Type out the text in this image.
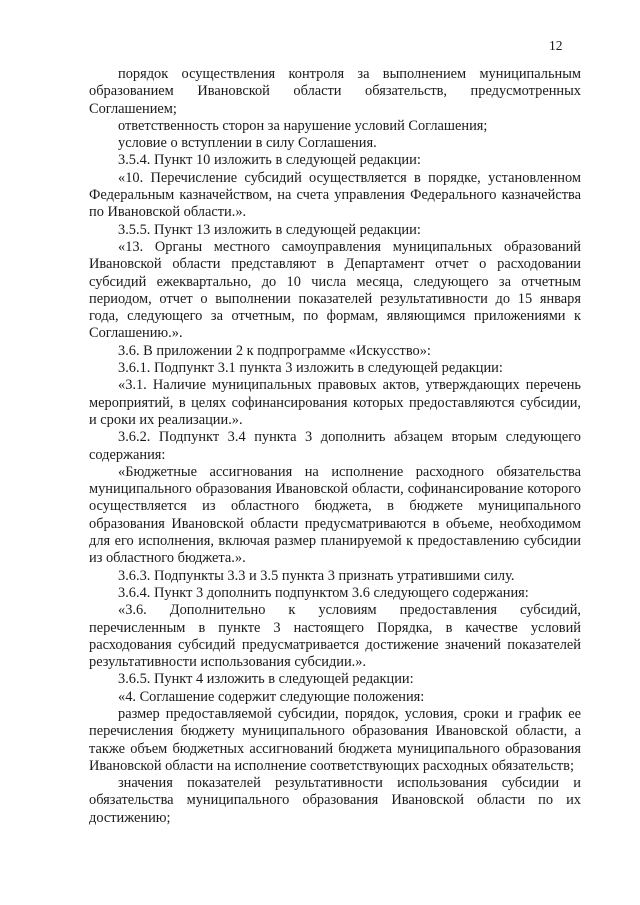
12

порядок осуществления контроля за выполнением муниципальным образованием Ивановской области обязательств, предусмотренных Соглашением;

ответственность сторон за нарушение условий Соглашения;

условие о вступлении в силу Соглашения.

3.5.4. Пункт 10 изложить в следующей редакции:

«10. Перечисление субсидий осуществляется в порядке, установленном Федеральным казначейством, на счета управления Федерального казначейства по Ивановской области.».

3.5.5. Пункт 13 изложить в следующей редакции:

«13. Органы местного самоуправления муниципальных образований Ивановской области представляют в Департамент отчет о расходовании субсидий ежеквартально, до 10 числа месяца, следующего за отчетным периодом, отчет о выполнении показателей результативности до 15 января года, следующего за отчетным, по формам, являющимся приложениями к Соглашению.».

3.6. В приложении 2 к подпрограмме «Искусство»:

3.6.1. Подпункт 3.1 пункта 3 изложить в следующей редакции:

«3.1. Наличие муниципальных правовых актов, утверждающих перечень мероприятий, в целях софинансирования которых предоставляются субсидии, и сроки их реализации.».

3.6.2. Подпункт 3.4 пункта 3 дополнить абзацем вторым следующего содержания:

«Бюджетные ассигнования на исполнение расходного обязательства муниципального образования Ивановской области, софинансирование которого осуществляется из областного бюджета, в бюджете муниципального образования Ивановской области предусматриваются в объеме, необходимом для его исполнения, включая размер планируемой к предоставлению субсидии из областного бюджета.».

3.6.3. Подпункты 3.3 и 3.5 пункта 3 признать утратившими силу.

3.6.4. Пункт 3 дополнить подпунктом 3.6 следующего содержания:

«3.6. Дополнительно к условиям предоставления субсидий, перечисленным в пункте 3 настоящего Порядка, в качестве условий расходования субсидий предусматривается достижение значений показателей результативности использования субсидии.».

3.6.5. Пункт 4 изложить в следующей редакции:

«4. Соглашение содержит следующие положения:

размер предоставляемой субсидии, порядок, условия, сроки и график ее перечисления бюджету муниципального образования Ивановской области, а также объем бюджетных ассигнований бюджета муниципального образования Ивановской области на исполнение соответствующих расходных обязательств;

значения показателей результативности использования субсидии и обязательства муниципального образования Ивановской области по их достижению;
